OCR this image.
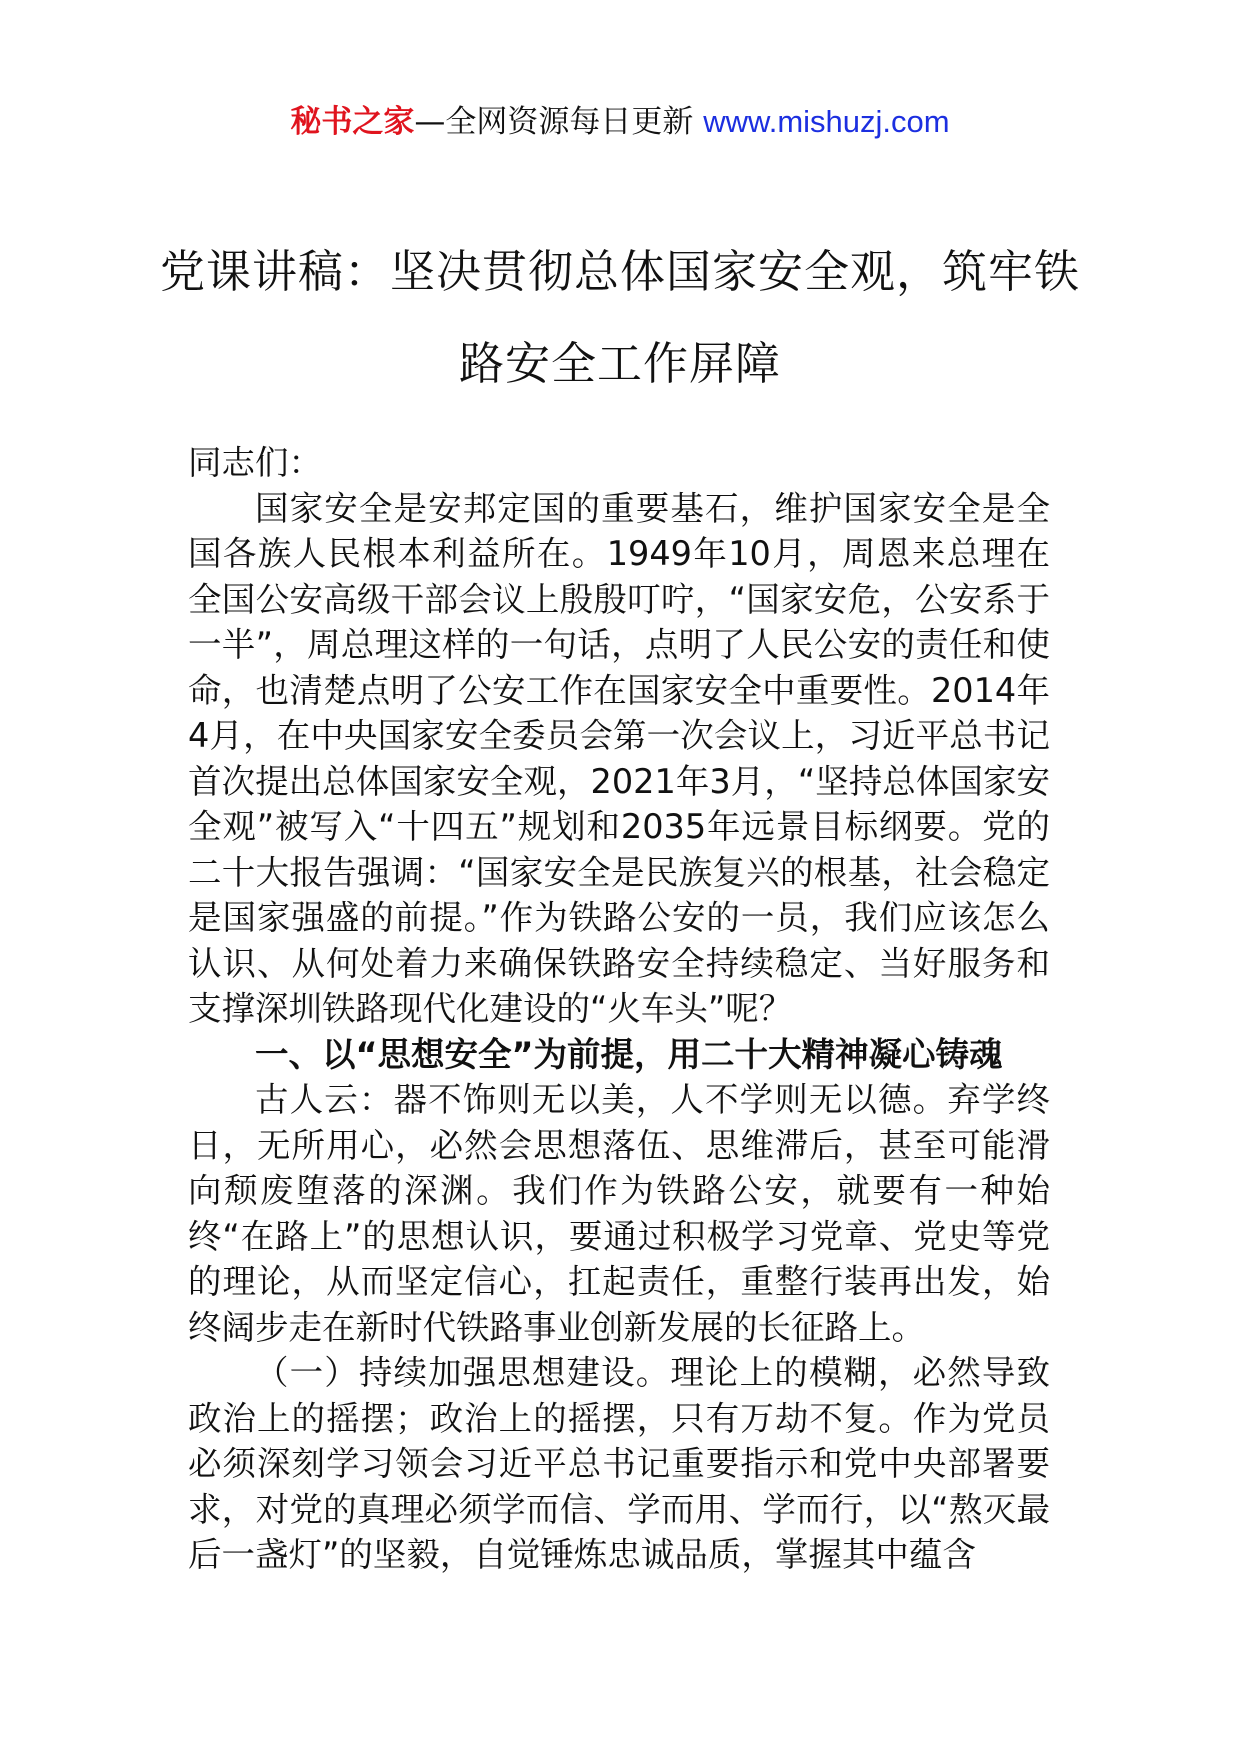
秘书之家—全网资源每日更新 www.mishuzj.com
党课讲稿：坚决贯彻总体国家安全观，筑牢铁路安全工作屏障

同志们：

国家安全是安邦定国的重要基石，维护国家安全是全国各族人民根本利益所在。1949年10月，周恩来总理在全国公安高级干部会议上殷殷叮咛，“国家安危，公安系于一半”，周总理这样的一句话，点明了人民公安的责任和使命，也清楚点明了公安工作在国家安全中重要性。2014年4月，在中央国家安全委员会第一次会议上，习近平总书记首次提出总体国家安全观，2021年3月，“坚持总体国家安全观”被写入“十四五”规划和2035年远景目标纲要。党的二十大报告强调：“国家安全是民族复兴的根基，社会稳定是国家强盛的前提。”作为铁路公安的一员，我们应该怎么认识、从何处着力来确保铁路安全持续稳定、当好服务和支撑深圳铁路现代化建设的“火车头”呢？

一、以“思想安全”为前提，用二十大精神凝心铸魂

古人云：器不饰则无以美，人不学则无以德。弃学终日，无所用心，必然会思想落伍、思维滞后，甚至可能滑向颓废堕落的深渊。我们作为铁路公安，就要有一种始终“在路上”的思想认识，要通过积极学习党章、党史等党的理论，从而坚定信心，扛起责任，重整行装再出发，始终阔步走在新时代铁路事业创新发展的长征路上。

（一）持续加强思想建设。理论上的模糊，必然导致政治上的摇摆；政治上的摇摆，只有万劫不复。作为党员必须深刻学习领会习近平总书记重要指示和党中央部署要求，对党的真理必须学而信、学而用、学而行，以“熬灭最后一盏灯”的坚毅，自觉锤炼忠诚品质，掌握其中蕴含
